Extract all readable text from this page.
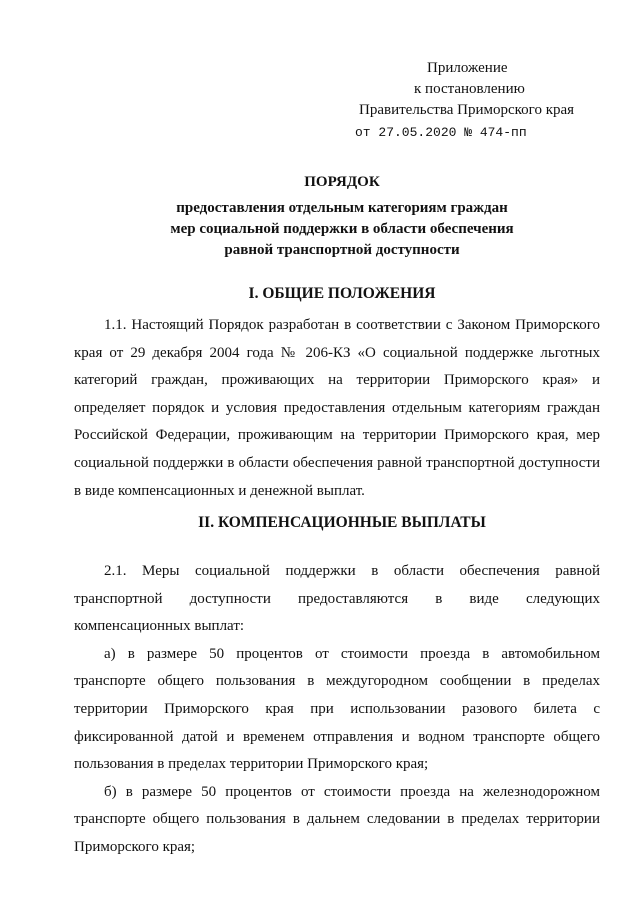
Приложение
к постановлению
Правительства Приморского края
от 27.05.2020 № 474-пп
ПОРЯДОК
предоставления отдельным категориям граждан
мер социальной поддержки в области обеспечения
равной транспортной доступности
I. ОБЩИЕ ПОЛОЖЕНИЯ

1.1. Настоящий Порядок разработан в соответствии с Законом Приморского края от 29 декабря 2004 года № 206-КЗ «О социальной поддержке льготных категорий граждан, проживающих на территории Приморского края» и определяет порядок и условия предоставления отдельным категориям граждан Российской Федерации, проживающим на территории Приморского края, мер социальной поддержки в области обеспечения равной транспортной доступности в виде компенсационных и денежной выплат.

II. КОМПЕНСАЦИОННЫЕ ВЫПЛАТЫ

2.1. Меры социальной поддержки в области обеспечения равной транспортной доступности предоставляются в виде следующих компенсационных выплат:

а) в размере 50 процентов от стоимости проезда в автомобильном транспорте общего пользования в междугородном сообщении в пределах территории Приморского края при использовании разового билета с фиксированной датой и временем отправления и водном транспорте общего пользования в пределах территории Приморского края;

б) в размере 50 процентов от стоимости проезда на железнодорожном транспорте общего пользования в дальнем следовании в пределах территории Приморского края;
